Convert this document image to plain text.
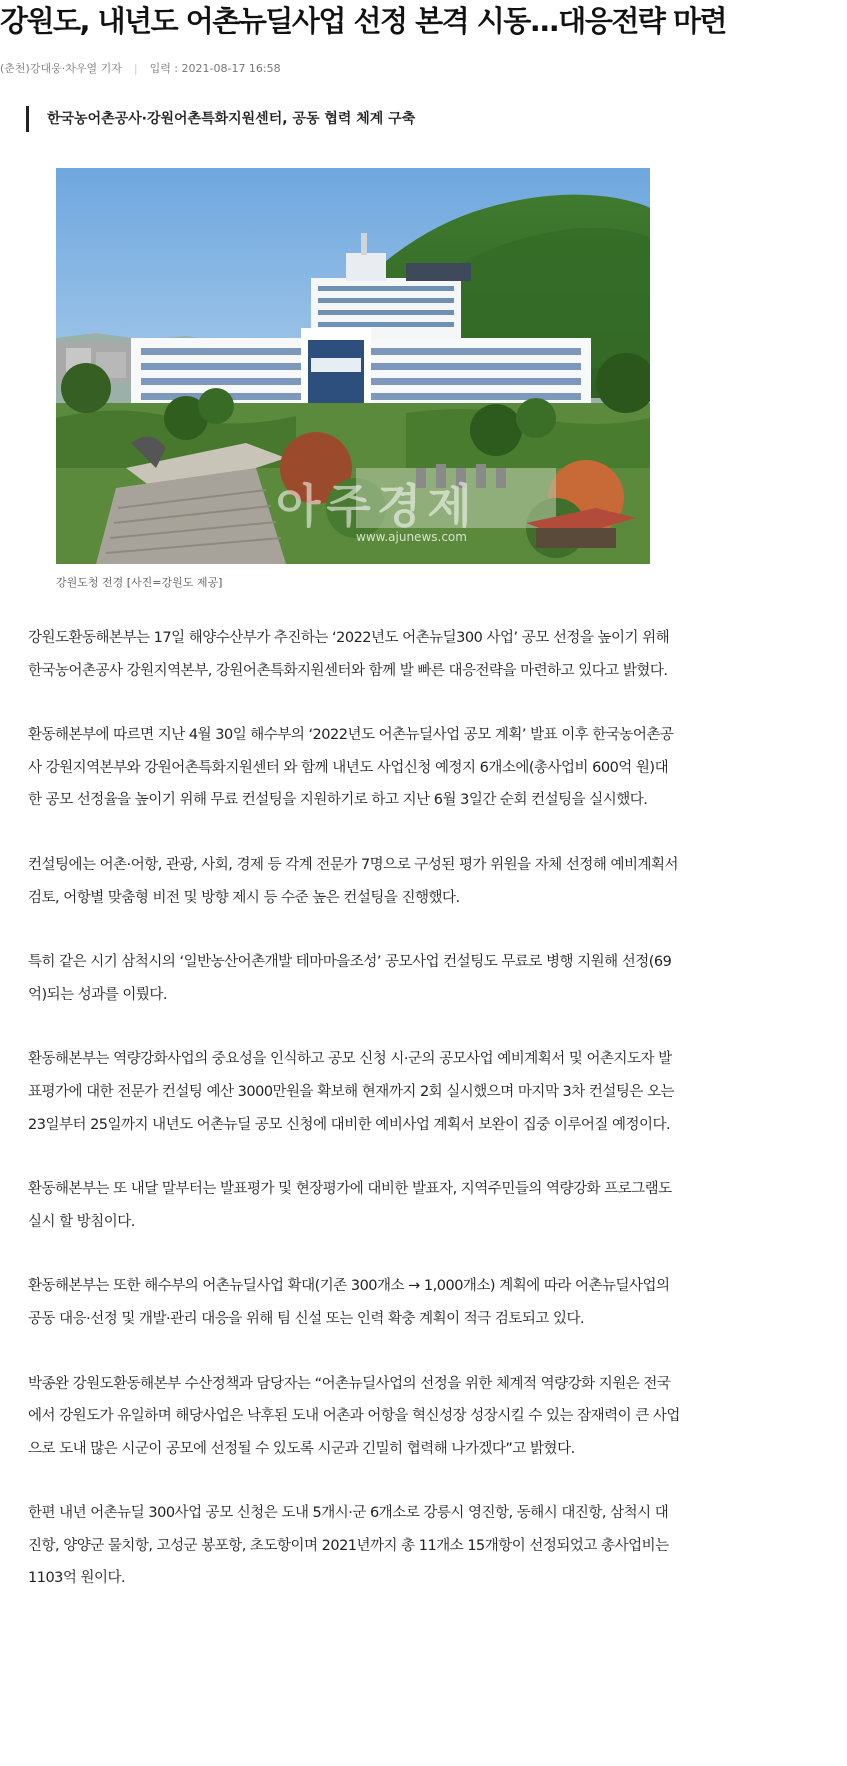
강원도, 내년도 어촌뉴딜사업 선정 본격 시동...대응전략 마련
(춘천)강대웅·차우열 기자 | 입력 : 2021-08-17 16:58
한국농어촌공사·강원어촌특화지원센터, 공동 협력 체계 구축
아주경제
www.ajunews.com
강원도청 전경 [사진=강원도 제공]

강원도환동해본부는 17일 해양수산부가 추진하는 ‘2022년도 어촌뉴딜300 사업’ 공모 선정을 높이기 위해 한국농어촌공사 강원지역본부, 강원어촌특화지원센터와 함께 발 빠른 대응전략을 마련하고 있다고 밝혔다.

환동해본부에 따르면 지난 4월 30일 해수부의 ‘2022년도 어촌뉴딜사업 공모 계획’ 발표 이후 한국농어촌공사 강원지역본부와 강원어촌특화지원센터 와 함께 내년도 사업신청 예정지 6개소에(총사업비 600억 원)대한 공모 선정율을 높이기 위해 무료 컨설팅을 지원하기로 하고 지난 6월 3일간 순회 컨설팅을 실시했다.

컨설팅에는 어촌·어항, 관광, 사회, 경제 등 각계 전문가 7명으로 구성된 평가 위원을 자체 선정해 예비계획서 검토, 어항별 맞춤형 비전 및 방향 제시 등 수준 높은 컨설팅을 진행했다.

특히 같은 시기 삼척시의 ‘일반농산어촌개발 테마마을조성’ 공모사업 컨설팅도 무료로 병행 지원해 선정(69억)되는 성과를 이뤘다.

환동해본부는 역량강화사업의 중요성을 인식하고 공모 신청 시·군의 공모사업 예비계획서 및 어촌지도자 발표평가에 대한 전문가 컨설팅 예산 3000만원을 확보해 현재까지 2회 실시했으며 마지막 3차 컨설팅은 오는 23일부터 25일까지 내년도 어촌뉴딜 공모 신청에 대비한 예비사업 계획서 보완이 집중 이루어질 예정이다.

환동해본부는 또 내달 말부터는 발표평가 및 현장평가에 대비한 발표자, 지역주민들의 역량강화 프로그램도 실시 할 방침이다.

환동해본부는 또한 해수부의 어촌뉴딜사업 확대(기존 300개소 → 1,000개소) 계획에 따라 어촌뉴딜사업의 공동 대응·선정 및 개발·관리 대응을 위해 팀 신설 또는 인력 확충 계획이 적극 검토되고 있다.

박종완 강원도환동해본부 수산정책과 담당자는 “어촌뉴딜사업의 선정을 위한 체계적 역량강화 지원은 전국에서 강원도가 유일하며 해당사업은 낙후된 도내 어촌과 어항을 혁신성장 성장시킬 수 있는 잠재력이 큰 사업으로 도내 많은 시군이 공모에 선정될 수 있도록 시군과 긴밀히 협력해 나가겠다”고 밝혔다.

한편 내년 어촌뉴딜 300사업 공모 신청은 도내 5개시·군 6개소로 강릉시 영진항, 동해시 대진항, 삼척시 대진항, 양양군 물치항, 고성군 봉포항, 초도항이며 2021년까지 총 11개소 15개항이 선정되었고 총사업비는 1103억 원이다.
